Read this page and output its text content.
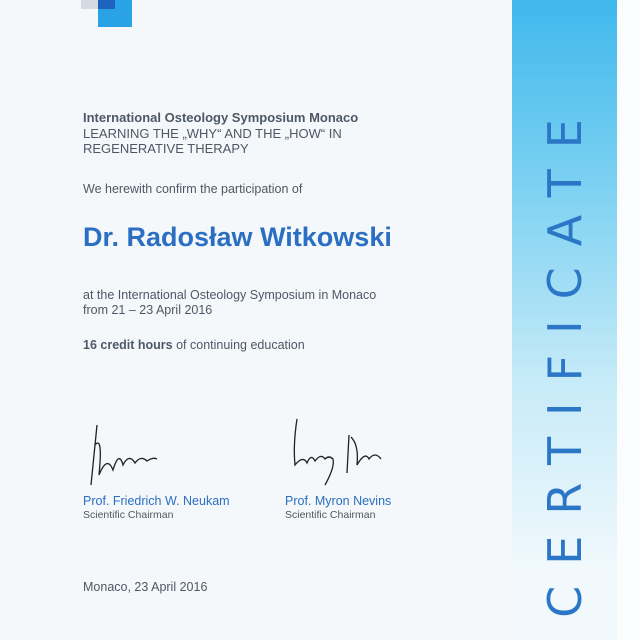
International Osteology Symposium Monaco
LEARNING THE „WHY“ AND THE „HOW“ IN REGENERATIVE THERAPY
We herewith confirm the participation of
Dr. Radosław Witkowski
at the International Osteology Symposium in Monaco
from 21 – 23 April 2016
16 credit hours of continuing education
Prof. Friedrich W. Neukam
Scientific Chairman
Prof. Myron Nevins
Scientific Chairman
Monaco, 23 April 2016	CERTIFICATE
